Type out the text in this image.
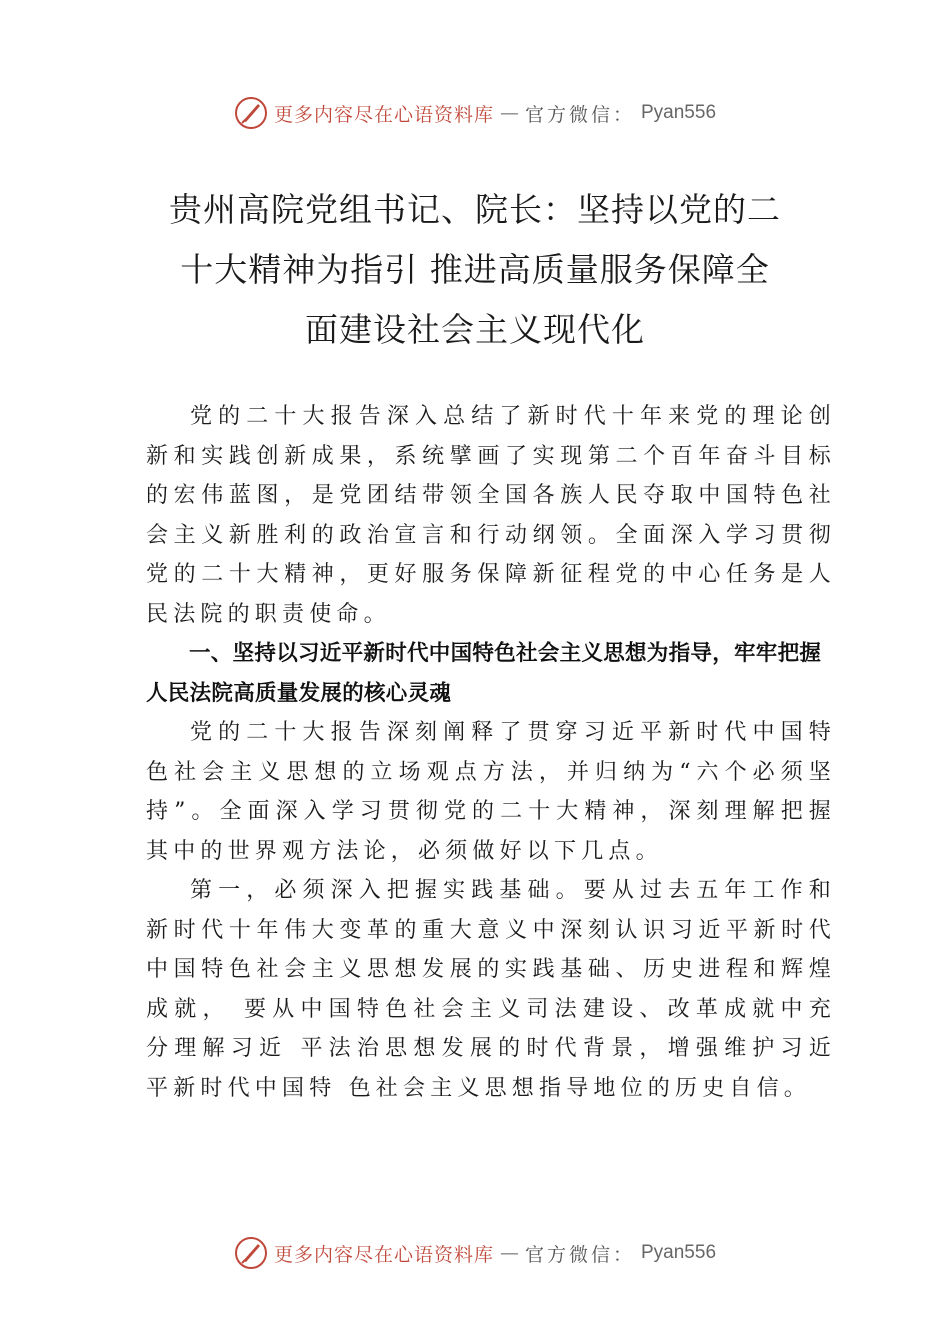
更多内容尽在心语资料库 — 官方微信： Pyan556
贵州高院党组书记、院长：坚持以党的二
十大精神为指引 推进高质量服务保障全
面建设社会主义现代化

党的二十大报告深入总结了新时代十年来党的理论创新和实践创新成果，系统擘画了实现第二个百年奋斗目标的宏伟蓝图，是党团结带领全国各族人民夺取中国特色社会主义新胜利的政治宣言和行动纲领。全面深入学习贯彻党的二十大精神，更好服务保障新征程党的中心任务是人民法院的职责使命。

一、坚持以习近平新时代中国特色社会主义思想为指导，牢牢把握人民法院高质量发展的核心灵魂

党的二十大报告深刻阐释了贯穿习近平新时代中国特色社会主义思想的立场观点方法，并归纳为“六个必须坚持”。全面深入学习贯彻党的二十大精神，深刻理解把握其中的世界观方法论，必须做好以下几点。

第一，必须深入把握实践基础。要从过去五年工作和新时代十年伟大变革的重大意义中深刻认识习近平新时代中国特色社会主义思想发展的实践基础、历史进程和辉煌成就， 要从中国特色社会主义司法建设、改革成就中充分理解习近 平法治思想发展的时代背景，增强维护习近平新时代中国特 色社会主义思想指导地位的历史自信。

更多内容尽在心语资料库 — 官方微信： Pyan556
